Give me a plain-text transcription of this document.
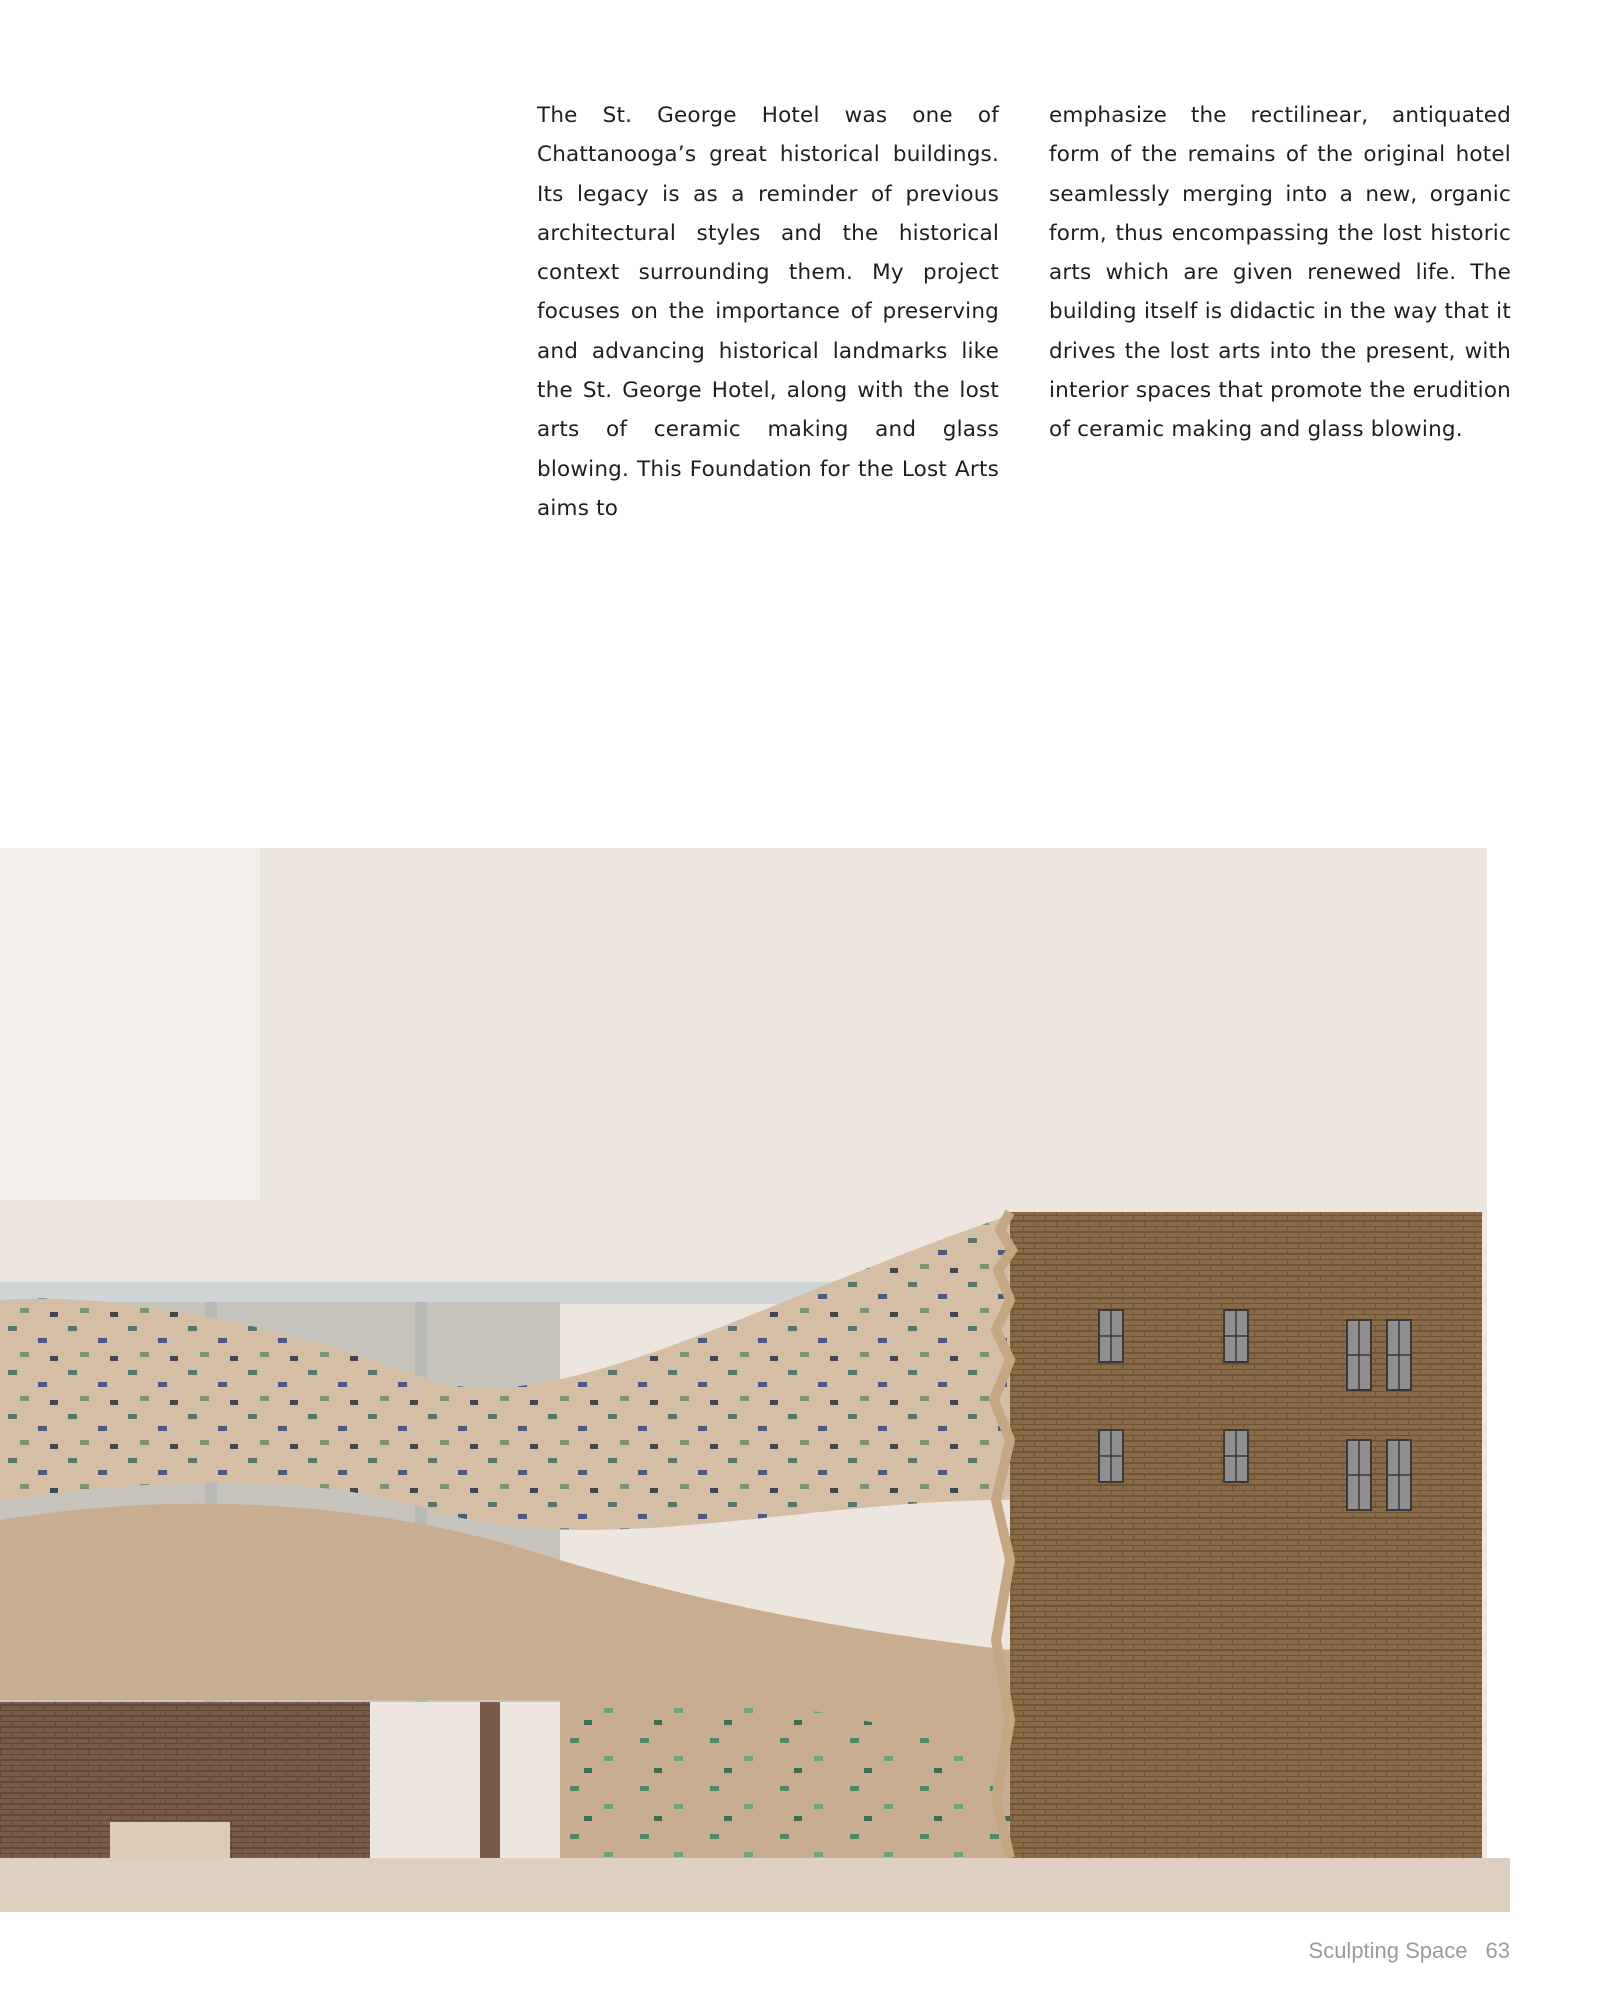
The St. George Hotel was one of Chattanooga’s great historical buildings. Its legacy is as a reminder of previous architectural styles and the historical context surrounding them. My project focuses on the importance of preserving and advancing historical landmarks like the St. George Hotel, along with the lost arts of ceramic making and glass blowing. This Foundation for the Lost Arts aims to

emphasize the rectilinear, antiquated form of the remains of the original hotel seamlessly merging into a new, organic form, thus encompassing the lost historic arts which are given renewed life. The building itself is didactic in the way that it drives the lost arts into the present, with interior spaces that promote the erudition of ceramic making and glass blowing.

Sculpting Space 63
